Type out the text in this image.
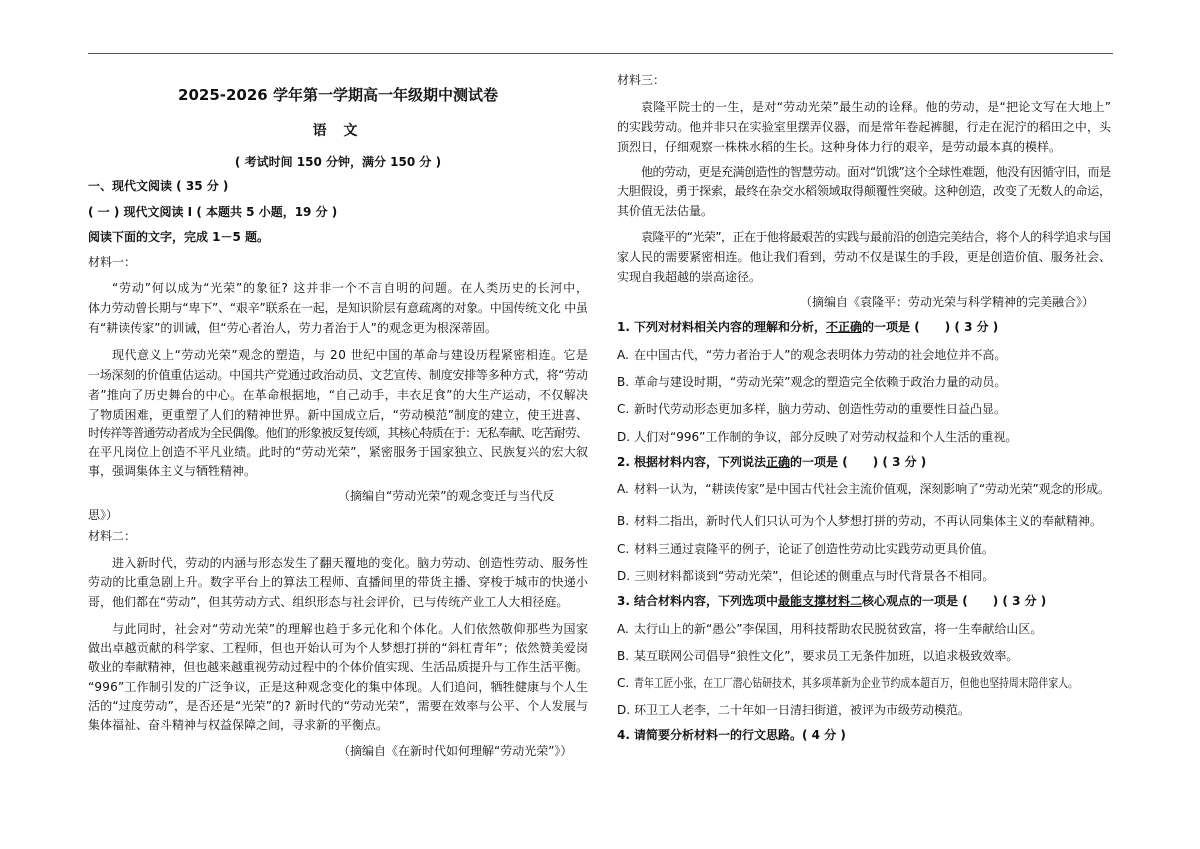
2025-2026 学年第一学期高一年级期中测试卷
语 文
( 考试时间 150 分钟，满分 150 分 )
一、现代文阅读 ( 35 分 )
( 一 ) 现代文阅读 I ( 本题共 5 小题，19 分 )
阅读下面的文字，完成 1－5 题。
材料一：
“劳动”何以成为“光荣”的象征? 这并非一个不言自明的问题。在人类历史的长河中，
体力劳动曾长期与“卑下”、“艰辛”联系在一起，是知识阶层有意疏离的对象。中国传统文化 中虽
有“耕读传家”的训诫，但“劳心者治人，劳力者治于人”的观念更为根深蒂固。
现代意义上“劳动光荣”观念的塑造，与 20 世纪中国的革命与建设历程紧密相连。它是
一场深刻的价值重估运动。中国共产党通过政治动员、文艺宣传、制度安排等多种方式，将“劳动
者”推向了历史舞台的中心。在革命根据地，“自己动手，丰衣足食”的大生产运动，不仅解决
了物质困难，更重塑了人们的精神世界。新中国成立后，“劳动模范”制度的建立，使王进喜、
时传祥等普通劳动者成为全民偶像。他们的形象被反复传颂，其核心特质在于：无私奉献、吃苦耐劳、
在平凡岗位上创造不平凡业绩。此时的“劳动光荣”，紧密服务于国家独立、民族复兴的宏大叙
事，强调集体主义与牺牲精神。
（摘编自“劳动光荣”的观念变迁与当代反
思》）
材料二：
进入新时代，劳动的内涵与形态发生了翻天覆地的变化。脑力劳动、创造性劳动、服务性
劳动的比重急剧上升。数字平台上的算法工程师、直播间里的带货主播、穿梭于城市的快递小
哥，他们都在“劳动”，但其劳动方式、组织形态与社会评价，已与传统产业工人大相径庭。
与此同时，社会对“劳动光荣”的理解也趋于多元化和个体化。人们依然敬仰那些为国家
做出卓越贡献的科学家、工程师，但也开始认可为个人梦想打拼的“斜杠青年”；依然赞美爱岗
敬业的奉献精神，但也越来越重视劳动过程中的个体价值实现、生活品质提升与工作生活平衡。
“996”工作制引发的广泛争议，正是这种观念变化的集中体现。人们追问，牺牲健康与个人生
活的“过度劳动”，是否还是“光荣”的? 新时代的“劳动光荣”，需要在效率与公平、个人发展与
集体福祉、奋斗精神与权益保障之间，寻求新的平衡点。
（摘编自《在新时代如何理解“劳动光荣”》）
材料三：
袁隆平院士的一生，是对“劳动光荣”最生动的诠释。他的劳动，是“把论文写在大地上”
的实践劳动。他并非只在实验室里摆弄仪器，而是常年卷起裤腿，行走在泥泞的稻田之中，头
顶烈日，仔细观察一株株水稻的生长。这种身体力行的艰辛，是劳动最本真的模样。
他的劳动，更是充满创造性的智慧劳动。面对“饥饿”这个全球性难题，他没有因循守旧，而是
大胆假设，勇于探索，最终在杂交水稻领域取得颠覆性突破。这种创造，改变了无数人的命运，
其价值无法估量。
袁隆平的“光荣”，正在于他将最艰苦的实践与最前沿的创造完美结合，将个人的科学追求与国
家人民的需要紧密相连。他让我们看到，劳动不仅是谋生的手段，更是创造价值、服务社会、
实现自我超越的崇高途径。
（摘编自《袁隆平：劳动光荣与科学精神的完美融合》）
1. 下列对材料相关内容的理解和分析，不正确的一项是 (      ) ( 3 分 )
A. 在中国古代，“劳力者治于人”的观念表明体力劳动的社会地位并不高。
B. 革命与建设时期，“劳动光荣”观念的塑造完全依赖于政治力量的动员。
C. 新时代劳动形态更加多样，脑力劳动、创造性劳动的重要性日益凸显。
D. 人们对“996”工作制的争议，部分反映了对劳动权益和个人生活的重视。
2. 根据材料内容，下列说法正确的一项是 (      ) ( 3 分 )
A. 材料一认为，“耕读传家”是中国古代社会主流价值观，深刻影响了“劳动光荣”观念的形成。
B. 材料二指出，新时代人们只认可为个人梦想打拼的劳动，不再认同集体主义的奉献精神。
C. 材料三通过袁隆平的例子，论证了创造性劳动比实践劳动更具价值。
D. 三则材料都谈到“劳动光荣”，但论述的侧重点与时代背景各不相同。
3. 结合材料内容，下列选项中最能支撑材料二核心观点的一项是 (      ) ( 3 分 )
A. 太行山上的新“愚公”李保国，用科技帮助农民脱贫致富，将一生奉献给山区。
B. 某互联网公司倡导“狼性文化”，要求员工无条件加班，以追求极致效率。
C. 青年工匠小张，在工厂潜心钻研技术，其多项革新为企业节约成本超百万，但他也坚持周末陪伴家人。
D. 环卫工人老李，二十年如一日清扫街道，被评为市级劳动模范。
4. 请简要分析材料一的行文思路。( 4 分 )
